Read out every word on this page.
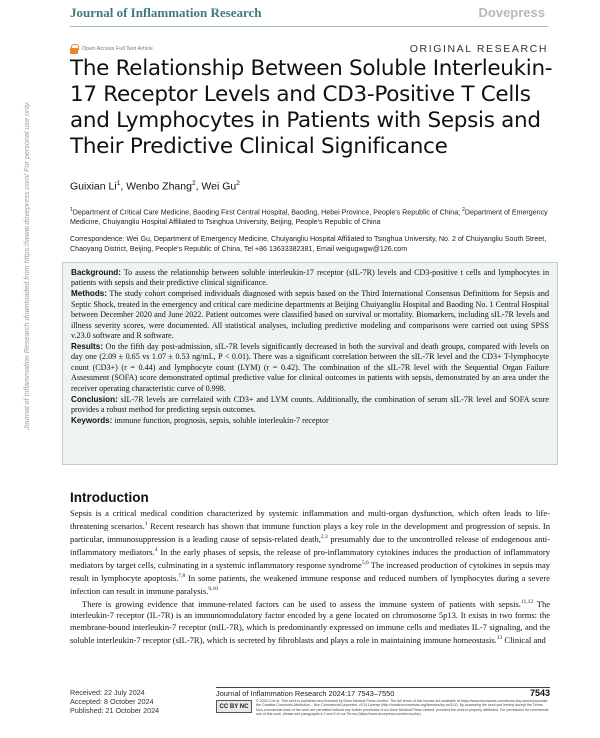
Journal of Inflammation Research	Dovepress
Journal of Inflammation Research downloaded from https://www.dovepress.com/ For personal use only.
Open Access Full Text Article	ORIGINAL RESEARCH
The Relationship Between Soluble Interleukin-17 Receptor Levels and CD3-Positive T Cells and Lymphocytes in Patients with Sepsis and Their Predictive Clinical Significance
Guixian Li$^1$, Wenbo Zhang$^2$, Wei Gu$^2$
$^1$Department of Critical Care Medicine, Baoding First Central Hospital, Baoding, Hebei Province, People's Republic of China; $^2$Department of Emergency Medicine, Chuiyangliu Hospital Affiliated to Tsinghua University, Beijing, People's Republic of China
Correspondence: Wei Gu, Department of Emergency Medicine, Chuiyangliu Hospital Affiliated to Tsinghua University, No. 2 of Chuiyangliu South Street, Chaoyang District, Beijing, People's Republic of China, Tel +86 13633382381, Email weigugwgw@126.com

Background: To assess the relationship between soluble interleukin-17 receptor (sIL-7R) levels and CD3-positive t cells and lymphocytes in patients with sepsis and their predictive clinical significance.

Methods: The study cohort comprised individuals diagnosed with sepsis based on the Third International Consensus Definitions for Sepsis and Septic Shock, treated in the emergency and critical care medicine departments at Beijing Chuiyangliu Hospital and Baoding No. 1 Central Hospital between December 2020 and June 2022. Patient outcomes were classified based on survival or mortality. Biomarkers, including sIL-7R levels and illness severity scores, were documented. All statistical analyses, including predictive modeling and comparisons were carried out using SPSS v.23.0 software and R software.

Results: On the fifth day post-admission, sIL-7R levels significantly decreased in both the survival and death groups, compared with levels on day one (2.09 ± 0.65 vs 1.07 ± 0.53 ng/mL, P < 0.01). There was a significant correlation between the sIL-7R level and the CD3+ T-lymphocyte count (CD3+) (r = 0.44) and lymphocyte count (LYM) (r = 0.42). The combination of the sIL-7R level with the Sequential Organ Failure Assessment (SOFA) score demonstrated optimal predictive value for clinical outcomes in patients with sepsis, demonstrated by an area under the receiver operating characteristic curve of 0.998.

Conclusion: sIL-7R levels are correlated with CD3+ and LYM counts. Additionally, the combination of serum sIL-7R level and SOFA score provides a robust method for predicting sepsis outcomes.

Keywords: immune function, prognosis, sepsis, soluble interleukin-7 receptor

Introduction

Sepsis is a critical medical condition characterized by systemic inflammation and multi-organ dysfunction, which often leads to life-threatening scenarios.$^1$ Recent research has shown that immune function plays a key role in the development and progression of sepsis. In particular, immunosuppression is a leading cause of sepsis-related death,$^{2,3}$ presumably due to the uncontrolled release of endogenous anti-inflammatory mediators.$^4$ In the early phases of sepsis, the release of pro-inflammatory cytokines induces the production of inflammatory mediators by target cells, culminating in a systemic inflammatory response syndrome$^{5,6}$ The increased production of cytokines in sepsis may result in lymphocyte apoptosis.$^{7,8}$ In some patients, the weakened immune response and reduced numbers of lymphocytes during a severe infection can result in immune paralysis.$^{9,10}$

There is growing evidence that immune-related factors can be used to assess the immune system of patients with sepsis.$^{11,12}$ The interleukin-7 receptor (IL-7R) is an immunomodulatory factor encoded by a gene located on chromosome 5p13. It exists in two forms: the membrane-bound interleukin-7 receptor (mIL-7R), which is predominantly expressed on immune cells and mediates IL-7 signaling, and the soluble interleukin-7 receptor (sIL-7R), which is secreted by fibroblasts and plays a role in maintaining immune homeostasis.$^{13}$ Clinical and

Received: 22 July 2024
Accepted: 8 October 2024
Published: 21 October 2024
Journal of Inflammation Research 2024:17 7543–7550	7543
CC BY NC
© 2024 Li et al. This work is published and licensed by Dove Medical Press Limited. The full terms of this license are available at https://www.dovepress.com/terms.php and incorporate the Creative Commons Attribution – Non Commercial (unported, v3.0) License (http://creativecommons.org/licenses/by-nc/3.0/). By accessing the work you hereby accept the Terms. Non-commercial uses of the work are permitted without any further permission from Dove Medical Press Limited, provided the work is properly attributed. For permission for commercial use of this work, please see paragraphs 4.2 and 5 of our Terms (https://www.dovepress.com/terms.php).
